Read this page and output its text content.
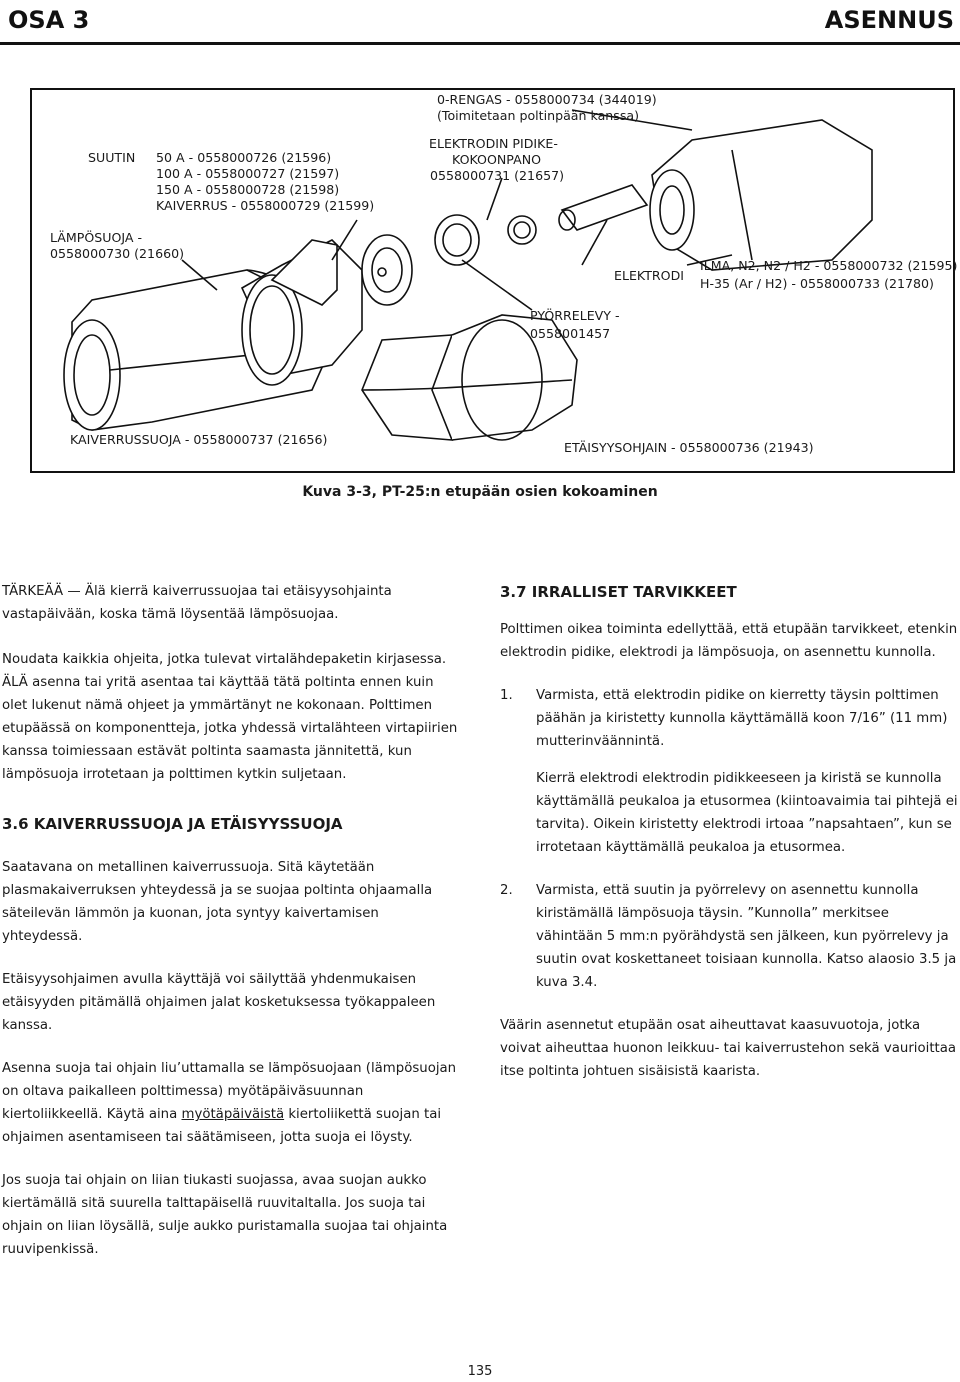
OSA 3	ASENNUS
SUUTIN 50 A - 0558000726 (21596)
100 A - 0558000727 (21597)
150 A - 0558000728 (21598)
KAIVERRUS - 0558000729 (21599)
LÄMPÖSUOJA -
0558000730 (21660)
0-RENGAS - 0558000734 (344019)
(Toimitetaan poltinpään kanssa)
ELEKTRODIN PIDIKE-
KOKOONPANO
0558000731 (21657)
ELEKTRODI
ILMA, N2, N2 / H2 - 0558000732 (21595)
H-35 (Ar / H2) - 0558000733 (21780)
PYÖRRELEVY -
0558001457
KAIVERRUSSUOJA - 0558000737 (21656)
ETÄISYYSOHJAIN - 0558000736 (21943)
Kuva 3-3, PT-25:n etupään osien kokoaminen

TÄRKEÄÄ — Älä kierrä kaiverrussuojaa tai etäisyysohjainta vastapäivään, koska tämä löysentää lämpösuojaa.

Noudata kaikkia ohjeita, jotka tulevat virtalähdepaketin kirjasessa. ÄLÄ asenna tai yritä asentaa tai käyttää tätä poltinta ennen kuin olet lukenut nämä ohjeet ja ymmärtänyt ne kokonaan. Polttimen etupäässä on komponentteja, jotka yhdessä virtalähteen virtapiirien kanssa toimiessaan estävät poltinta saamasta jännitettä, kun lämpösuoja irrotetaan ja polttimen kytkin suljetaan.

3.6 KAIVERRUSSUOJA JA ETÄISYYSSUOJA

Saatavana on metallinen kaiverrussuoja. Sitä käytetään plasmakaiverruksen yhteydessä ja se suojaa poltinta ohjaamalla säteilevän lämmön ja kuonan, jota syntyy kaivertamisen yhteydessä.

Etäisyysohjaimen avulla käyttäjä voi säilyttää yhdenmukaisen etäisyyden pitämällä ohjaimen jalat kosketuksessa työkappaleen kanssa.

Asenna suoja tai ohjain liu’uttamalla se lämpösuojaan (lämpösuojan on oltava paikalleen polttimessa) myötäpäiväsuunnan kiertoliikkeellä. Käytä aina myötäpäiväistä kiertoliikettä suojan tai ohjaimen asentamiseen tai säätämiseen, jotta suoja ei löysty.

Jos suoja tai ohjain on liian tiukasti suojassa, avaa suojan aukko kiertämällä sitä suurella talttapäisellä ruuvitaltalla. Jos suoja tai ohjain on liian löysällä, sulje aukko puristamalla suojaa tai ohjainta ruuvipenkissä.

3.7 IRRALLISET TARVIKKEET

Polttimen oikea toiminta edellyttää, että etupään tarvikkeet, etenkin elektrodin pidike, elektrodi ja lämpösuoja, on asennettu kunnolla.

1. Varmista, että elektrodin pidike on kierretty täysin polttimen päähän ja kiristetty kunnolla käyttämällä koon 7/16” (11 mm) mutterinväännintä.

Kierrä elektrodi elektrodin pidikkeeseen ja kiristä se kunnolla käyttämällä peukaloa ja etusormea (kiintoavaimia tai pihtejä ei tarvita). Oikein kiristetty elektrodi irtoaa ”napsahtaen”, kun se irrotetaan käyttämällä peukaloa ja etusormea.

2. Varmista, että suutin ja pyörrelevy on asennettu kunnolla kiristämällä lämpösuoja täysin. ”Kunnolla” merkitsee vähintään 5 mm:n pyörähdystä sen jälkeen, kun pyörrelevy ja suutin ovat koskettaneet toisiaan kunnolla. Katso alaosio 3.5 ja kuva 3.4.

Väärin asennetut etupään osat aiheuttavat kaasuvuotoja, jotka voivat aiheuttaa huonon leikkuu- tai kaiverrustehon sekä vaurioittaa itse poltinta johtuen sisäisistä kaarista.

135
